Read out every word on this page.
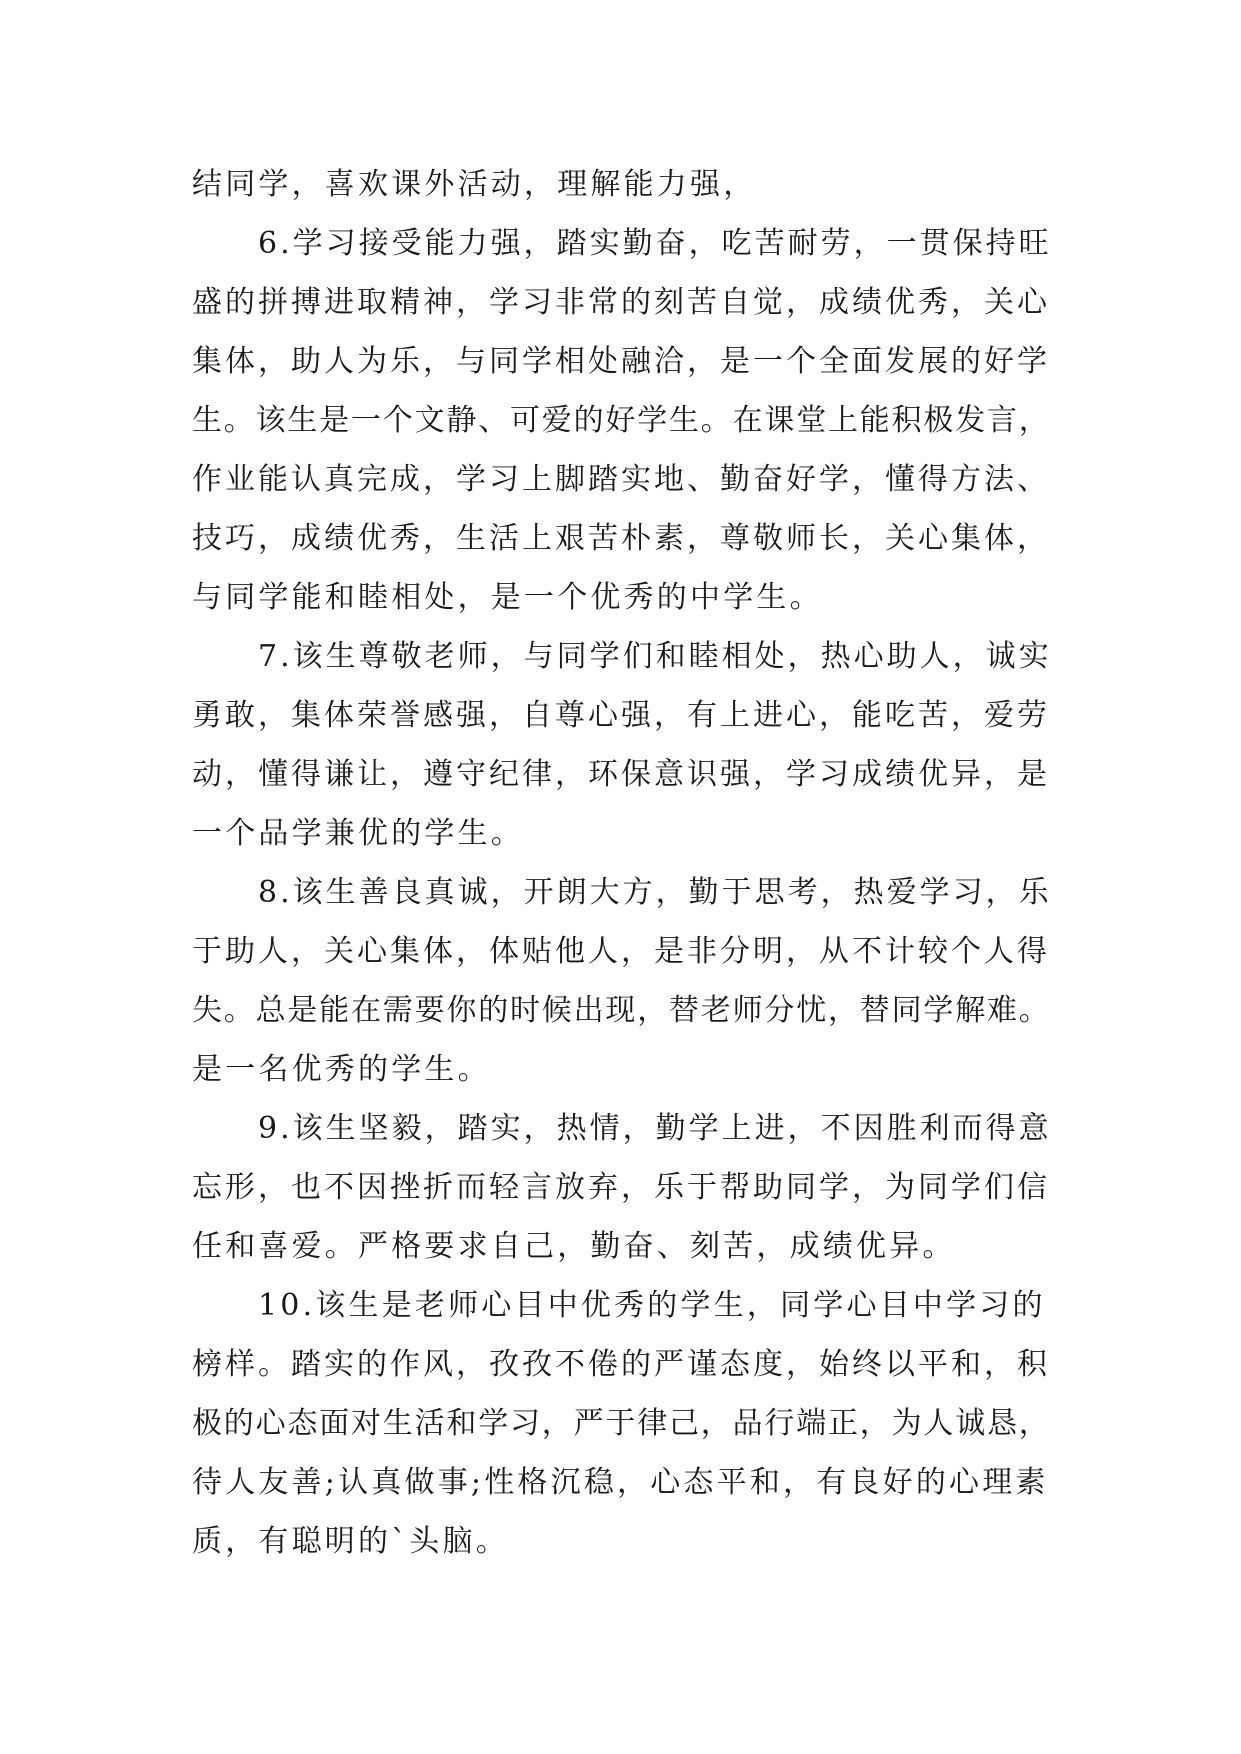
结同学，喜欢课外活动，理解能力强，
6.学习接受能力强，踏实勤奋，吃苦耐劳，一贯保持旺
盛的拼搏进取精神，学习非常的刻苦自觉，成绩优秀，关心
集体，助人为乐，与同学相处融洽，是一个全面发展的好学
生。该生是一个文静、可爱的好学生。在课堂上能积极发言，
作业能认真完成，学习上脚踏实地、勤奋好学，懂得方法、
技巧，成绩优秀，生活上艰苦朴素，尊敬师长，关心集体，
与同学能和睦相处，是一个优秀的中学生。
7.该生尊敬老师，与同学们和睦相处，热心助人，诚实
勇敢，集体荣誉感强，自尊心强，有上进心，能吃苦，爱劳
动，懂得谦让，遵守纪律，环保意识强，学习成绩优异，是
一个品学兼优的学生。
8.该生善良真诚，开朗大方，勤于思考，热爱学习，乐
于助人，关心集体，体贴他人，是非分明，从不计较个人得
失。总是能在需要你的时候出现，替老师分忧，替同学解难。
是一名优秀的学生。
9.该生坚毅，踏实，热情，勤学上进，不因胜利而得意
忘形，也不因挫折而轻言放弃，乐于帮助同学，为同学们信
任和喜爱。严格要求自己，勤奋、刻苦，成绩优异。
10.该生是老师心目中优秀的学生，同学心目中学习的
榜样。踏实的作风，孜孜不倦的严谨态度，始终以平和，积
极的心态面对生活和学习，严于律己，品行端正，为人诚恳，
待人友善;认真做事;性格沉稳，心态平和，有良好的心理素
质，有聪明的`头脑。
